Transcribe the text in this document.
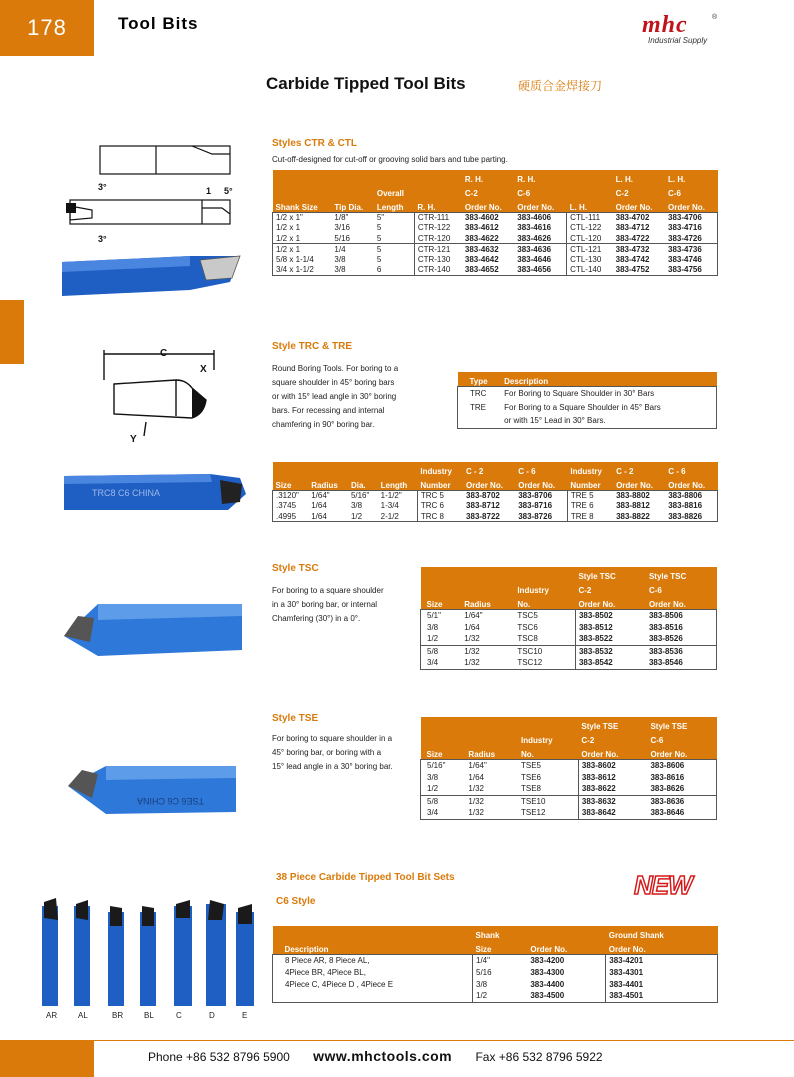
178	Tool Bits	mhc
Industrial Supply
®
Carbide Tipped Tool Bits	硬质合金焊接刀
3°
3°
1 5°
Styles CTR & CTL
Cut-off-designed for cut-off or grooving solid bars and tube parting.
				R. H.	R. H.		L. H.	L. H.
		Overall		C-2	C-6		C-2	C-6
Shank Size	Tip Dia.	Length	R. H.	Order No.	Order No.	L. H.	Order No.	Order No.
1/2 x 1"	1/8"	5"	CTR-111	383-4602	383-4606	CTL-111	383-4702	383-4706
1/2 x 1	3/16	5	CTR-122	383-4612	383-4616	CTL-122	383-4712	383-4716
1/2 x 1	5/16	5	CTR-120	383-4622	383-4626	CTL-120	383-4722	383-4726
1/2 x 1	1/4	5	CTR-121	383-4632	383-4636	CTL-121	383-4732	383-4736
5/8 x 1-1/4	3/8	5	CTR-130	383-4642	383-4646	CTL-130	383-4742	383-4746
3/4 x 1-1/2	3/8	6	CTR-140	383-4652	383-4656	CTL-140	383-4752	383-4756
C
X
Y
TRC8 C6 CHINA
Style TRC & TRE
Round Boring Tools. For boring to a
square shoulder in 45° boring bars
or with 15° lead angle in 30° boring
bars. For recessing and internal
chamfering in 90° boring bar.
Type	Description
TRC	For Boring to Square Shoulder in 30° Bars
TRE	For Boring to a Square Shoulder in 45° Bars
	or with 15° Lead in 30° Bars.
				Industry	C - 2	C - 6	Industry	C - 2	C - 6
Size	Radius	Dia.	Length	Number	Order No.	Order No.	Number	Order No.	Order No.
.3120"	1/64"	5/16"	1-1/2"	TRC 5	383-8702	383-8706	TRE 5	383-8802	383-8806
.3745	1/64	3/8	1-3/4	TRC 6	383-8712	383-8716	TRE 6	383-8812	383-8816
.4995	1/64	1/2	2-1/2	TRC 8	383-8722	383-8726	TRE 8	383-8822	383-8826
Style TSC
For boring to a square shoulder
in a 30° boring bar, or internal
Chamfering (30°) in a 0°.
			Style TSC	Style TSC
		Industry	C-2	C-6
Size	Radius	No.	Order No.	Order No.
5/1"	1/64"	TSC5	383-8502	383-8506
3/8	1/64	TSC6	383-8512	383-8516
1/2	1/32	TSC8	383-8522	383-8526
5/8	1/32	TSC10	383-8532	383-8536
3/4	1/32	TSC12	383-8542	383-8546
TSE6 C6 CHINA
Style TSE
For boring to square shoulder in a
45° boring bar, or boring with a
15° lead angle in a 30° boring bar.
			Style TSE	Style TSE
		Industry	C-2	C-6
Size	Radius	No.	Order No.	Order No.
5/16"	1/64"	TSE5	383-8602	383-8606
3/8	1/64	TSE6	383-8612	383-8616
1/2	1/32	TSE8	383-8622	383-8626
5/8	1/32	TSE10	383-8632	383-8636
3/4	1/32	TSE12	383-8642	383-8646
38 Piece Carbide Tipped Tool Bit Sets
C6 Style
NEW
AR	AL	BR	BL	C	D	E
	Shank		Ground Shank
Description	Size	Order No.	Order No.
8 Piece AR, 8 Piece AL,	1/4"	383-4200	383-4201
4Piece BR, 4Piece BL,	5/16	383-4300	383-4301
4Piece C, 4Piece D , 4Piece E	3/8	383-4400	383-4401
	1/2	383-4500	383-4501
Phone +86 532 8796 5900 www.mhctools.com Fax +86 532 8796 5922
